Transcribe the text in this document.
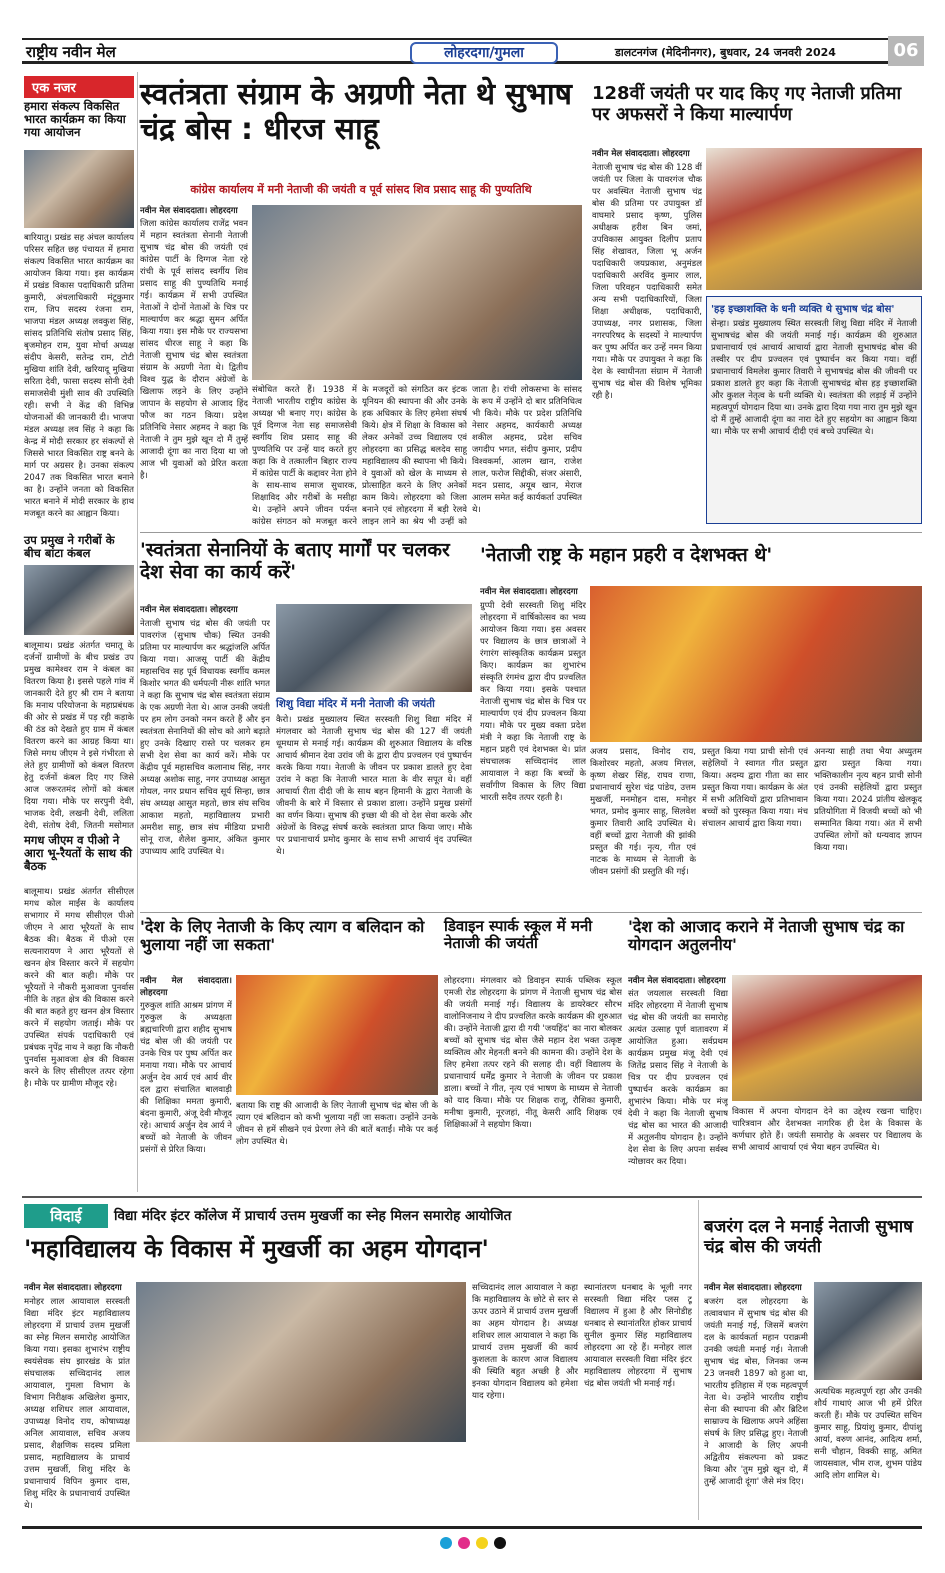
राष्ट्रीय नवीन मेल	लोहरदगा/गुमला	डालटनगंज (मेदिनीनगर), बुधवार, 24 जनवरी 2024	06
एक नजर
हमारा संकल्प विकसित भारत कार्यक्रम का किया गया आयोजन
बारियातु। प्रखंड सह अंचल कार्यालय परिसर सहित छह पंचायत में हमारा संकल्प विकसित भारत कार्यक्रम का आयोजन किया गया। इस कार्यक्रम में प्रखंड विकास पदाधिकारी प्रतिमा कुमारी, अंचलाधिकारी मंटूकुमार राम, जिप सदस्य रंजना राम, भाजपा मंडल अध्यक्ष लवकुश सिंह, सांसद प्रतिनिधि संतोष प्रसाद सिंह, बृजमोहन राम, युवा मोर्चा अध्यक्ष संदीप केसरी, सतेन्द्र राम, टोटी मुखिया शांति देवी, खरियादू मुखिया सरिता देवी, फासा सदस्य सोनी देवी समाजसेवी मुंशी साव की उपस्थिति रही। सभी ने केंद्र की विभिन्न योजनाओं की जानकारी दी। भाजपा मंडल अध्यक्ष लव सिंह ने कहा कि केन्द्र में मोदी सरकार हर संकल्पों से जिससे भारत विकसित राष्ट्र बनने के मार्ग पर अग्रसर है। उनका संकल्प 2047 तक विकसित भारत बनाने का है। उन्होंने जनता को विकसित भारत बनाने में मोदी सरकार के हाथ मजबूत करने का आह्वान किया।
उप प्रमुख ने गरीबों के बीच बांटा कंबल
बालूमाथ। प्रखंड अंतर्गत चमातू के दर्जनों ग्रामीणों के बीच प्रखंड उप प्रमुख कामेश्वर राम ने कंबल का वितरण किया है। इससे पहले गांव में जानकारी देते हुए श्री राम ने बताया कि मनाथ परियोजना के महाप्रबंधक की ओर से प्रखंड में पड़ रही कड़ाके की ठंड को देखते हुए ग्राम में कंबल वितरण करने का आग्रह किया था। जिसे मगध जीएम ने इसे गंभीरता से लेते हुए ग्रामीणों को कंबल वितरण हेतु दर्जनों कंबल दिए गए जिसे आज जरूरतमंद लोगों को कंबल दिया गया। मौके पर सरपुनी देवी, भाजक देवी, लखनी देवी, ललिता देवी, संतोष देवी, जितनी मसोमात
मगध जीएम व पीओ ने आरा भू-रैयतों के साथ की बैठक
बालूमाथ। प्रखंड अंतर्गत सीसीएल मगध कोल माईंस के कार्यालय सभागार में मगध सीसीएल पीओ जीएम ने आरा भूरैयतों के साथ बैठक की। बैठक में पीओ एस सत्यनारायण ने आरा भूरैयतों से खनन क्षेत्र विस्तार करने में सहयोग करने की बात कही। मौके पर भूरैयतों ने नौकरी मुआवजा पुनर्वास नीति के तहत क्षेत्र की विकास करने की बात कहते हुए खनन क्षेत्र विस्तार करने में सहयोग जताई। मौके पर उपस्थित संपर्क पदाधिकारी एवं प्रबंधक नृपेंद्र नाथ ने कहा कि नौकरी पुनर्वास मुआवजा क्षेत्र की विकास करने के लिए सीसीएल तत्पर रहेगा है। मौके पर ग्रामीण मौजूद रहे।
स्वतंत्रता संग्राम के अग्रणी नेता थे सुभाष चंद्र बोस : धीरज साहू
कांग्रेस कार्यालय में मनी नेताजी की जयंती व पूर्व सांसद शिव प्रसाद साहू की पुण्यतिथि
नवीन मेल संवाददाता। लोहरदगा
जिला कांग्रेस कार्यालय राजेंद्र भवन में महान स्वतंत्रता सेनानी नेताजी सुभाष चंद्र बोस की जयंती एवं कांग्रेस पार्टी के दिग्गज नेता रहे रांची के पूर्व सांसद स्वर्गीय शिव प्रसाद साहू की पुण्यतिथि मनाई गई। कार्यक्रम में सभी उपस्थित नेताओं ने दोनों नेताओं के चित्र पर माल्यार्पण कर श्रद्धा सुमन अर्पित किया गया। इस मौके पर राज्यसभा सांसद धीरज साहू ने कहा कि नेताजी सुभाष चंद्र बोस स्वतंत्रता संग्राम के अग्रणी नेता थे। द्वितीय विश्व युद्ध के दौरान अंग्रेजों के खिलाफ लड़ने के लिए उन्होंने जापान के सहयोग से आजाद हिंद फौज का गठन किया। प्रदेश प्रतिनिधि नेसार अहमद ने कहा कि नेताजी ने तुम मुझे खून दो मैं तुम्हें आजादी दूंगा का नारा दिया था जो आज भी युवाओं को प्रेरित करता है।
संबोधित करते हैं। 1938 में नेताजी भारतीय राष्ट्रीय कांग्रेस के अध्यक्ष भी बनाए गए। कांग्रेस के पूर्व दिग्गज नेता सह समाजसेवी स्वर्गीय शिव प्रसाद साहू की पुण्यतिथि पर उन्हें याद करते हुए कहा कि वे तत्कालीन बिहार राज्य में कांग्रेस पार्टी के कद्दावर नेता होने के साथ-साथ समाज सुधारक, शिक्षाविद और गरीबों के मसीहा थे। उन्होंने अपने जीवन पर्यन्त कांग्रेस संगठन को मजबूत करने
के मजदूरों को संगठित कर इंटक यूनियन की स्थापना की और उनके हक अधिकार के लिए हमेशा संघर्ष किये। क्षेत्र में शिक्षा के विकास को लेकर अनेकों उच्च विद्यालय एवं लोहरदगा का प्रसिद्ध बलदेव साहू महाविद्यालय की स्थापना भी किये। वे युवाओं को खेल के माध्यम से प्रोत्साहित करने के लिए अनेकों काम किये। लोहरदगा को जिला बनाने एवं लोहरदगा में बड़ी रेलवे लाइन लाने का श्रेय भी उन्हीं को
जाता है। रांची लोकसभा के सांसद के रूप में उन्होंने दो बार प्रतिनिधित्व भी किये। मौके पर प्रदेश प्रतिनिधि नेसार अहमद, कार्यकारी अध्यक्ष शकील अहमद, प्रदेश सचिव जगदीप भगत, संदीप कुमार, प्रदीप विश्वकर्मा, आलम खान, राजेश लाल, फरोज सिद्दीकी, संजर अंसारी, मदन प्रसाद, अयूब खान, मेराज आलम समेत कई कार्यकर्ता उपस्थित थे।
128वीं जयंती पर याद किए गए नेताजी प्रतिमा पर अफसरों ने किया माल्यार्पण
नवीन मेल संवाददाता। लोहरदगा
नेताजी सुभाष चंद्र बोस की 128 वीं जयंती पर जिला के पावरगंज चौक पर अवस्थित नेताजी सुभाष चंद्र बोस की प्रतिमा पर उपायुक्त डॉ वाघमारे प्रसाद कृष्ण, पुलिस अधीक्षक हरीश बिन जमां, उपविकास आयुक्त दिलीप प्रताप सिंह शेखावत, जिला भू अर्जन पदाधिकारी जयप्रकाश, अनुमंडल पदाधिकारी अरविंद कुमार लाल, जिला परिवहन पदाधिकारी समेत अन्य सभी पदाधिकारियों, जिला शिक्षा अधीक्षक, पदाधिकारी, उपाध्यक्ष, नगर प्रशासक, जिला नगरपरिषद के सदस्यों ने माल्यार्पण कर पुष्प अर्पित कर उन्हें नमन किया गया। मौके पर उपायुक्त ने कहा कि देश के स्वाधीनता संग्राम में नेताजी सुभाष चंद्र बोस की विशेष भूमिका रही है।
'हड़ इच्छाशक्ति के धनी व्यक्ति थे सुभाष चंद्र बोस'
सेन्हा। प्रखंड मुख्यालय स्थित सरस्वती शिशु विद्या मंदिर में नेताजी सुभाषचंद्र बोस की जयंती मनाई गई। कार्यक्रम की शुरुआत प्रधानाचार्य एवं आचार्य आचार्या द्वारा नेताजी सुभाषचंद्र बोस की तस्वीर पर दीप प्रज्वलन एवं पुष्पार्चन कर किया गया। वहीं प्रधानाचार्य विमलेश कुमार तिवारी ने सुभाषचंद्र बोस की जीवनी पर प्रकाश डालते हुए कहा कि नेताजी सुभाषचंद्र बोस हड़ इच्छाशक्ति और कुशल नेतृत्व के धनी व्यक्ति थे। स्वतंत्रता की लड़ाई में उन्होंने महत्वपूर्ण योगदान दिया था। उनके द्वारा दिया गया नारा तुम मुझे खून दो मैं तुम्हें आजादी दूंगा का नारा देते हुए सहयोग का आह्वान किया था। मौके पर सभी आचार्य दीदी एवं बच्चे उपस्थित थे।
'स्वतंत्रता सेनानियों के बताए मार्गों पर चलकर देश सेवा का कार्य करें'
नवीन मेल संवाददाता। लोहरदगा
नेताजी सुभाष चंद्र बोस की जयंती पर पावरगंज (सुभाष चौक) स्थित उनकी प्रतिमा पर माल्यार्पण कर श्रद्धांजलि अर्पित किया गया। आजसू पार्टी की केंद्रीय महासचिव सह पूर्व विधायक स्वर्गीय कमल किशोर भगत की धर्मपत्नी नीरू शांति भगत ने कहा कि सुभाष चंद्र बोस स्वतंत्रता संग्राम के एक अग्रणी नेता थे। आज उनकी जयंती पर हम लोग उनको नमन करते हैं और इन स्वतंत्रता सेनानियों की सोच को आगे बढ़ाते हुए उनके दिखाए रास्ते पर चलकर हम सभी देश सेवा का कार्य करें। मौके पर केंद्रीय पूर्व महासचिव कलानाथ सिंह, नगर अध्यक्ष अशोक साहू, नगर उपाध्यक्ष आसुत गोयल, नगर प्रधान सचिव सूर्य सिन्हा, छात्र संघ अध्यक्ष आसुत महतो, छात्र संघ सचिव आकाश महतो, महाविद्यालय प्रभारी अमरीश साहू, छात्र संघ मीडिया प्रभारी सोनू राज, शैलेश कुमार, अंकित कुमार उपाध्याय आदि उपस्थित थे।
शिशु विद्या मंदिर में मनी नेताजी की जयंती
कैरो। प्रखंड मुख्यालय स्थित सरस्वती शिशु विद्या मंदिर में मंगलवार को नेताजी सुभाष चंद्र बोस की 127 वीं जयंती धूमधाम से मनाई गई। कार्यक्रम की शुरुआत विद्यालय के वरिष्ठ आचार्य श्रीमान देवा उरांव जी के द्वारा दीप प्रज्वलन एवं पुष्पार्चन करके किया गया। नेताजी के जीवन पर प्रकाश डालते हुए देवा उरांव ने कहा कि नेताजी भारत माता के वीर सपूत थे। वहीं आचार्या रीता दीदी जी के साथ बहन हिमानी के द्वारा नेताजी के जीवनी के बारे में विस्तार से प्रकाश डाला। उन्होंने प्रमुख प्रसंगों का वर्णन किया। सुभाष की इच्छा थी की वो देश सेवा करके और अंग्रेजों के विरुद्ध संघर्ष करके स्वतंत्रता प्राप्त किया जाए। मौके पर प्रधानाचार्य प्रमोद कुमार के साथ सभी आचार्य वृंद उपस्थित थे।
'नेताजी राष्ट्र के महान प्रहरी व देशभक्त थे'
नवीन मेल संवाददाता। लोहरदगा
ग्रुप्पी देवी सरस्वती शिशु मंदिर लोहरदगा में वार्षिकोत्सव का भव्य आयोजन किया गया। इस अवसर पर विद्यालय के छात्र छात्राओं ने रंगारंग सांस्कृतिक कार्यक्रम प्रस्तुत किए। कार्यक्रम का शुभारंभ संस्कृति रंगमंच द्वारा दीप प्रज्वलित कर किया गया। इसके पश्चात नेताजी सुभाष चंद्र बोस के चित्र पर माल्यार्पण एवं दीप प्रज्वलन किया गया। मौके पर मुख्य वक्ता प्रदेश मंत्री ने कहा कि नेताजी राष्ट्र के महान प्रहरी एवं देशभक्त थे। प्रांत संघचालक सच्चिदानंद लाल आयावाल ने कहा कि बच्चों के सर्वांगीण विकास के लिए विद्या भारती सदैव तत्पर रहती है।
अजय प्रसाद, विनोद राय, किशोरवर महतो, अजय मित्तल, कृष्ण शेखर सिंह, राघव राणा, प्रधानाचार्य सुरेश चंद्र पांडेय, उत्तम मुखर्जी, मनमोहन दास, मनोहर भगत, प्रमोद कुमार साहू, सिलवेश कुमार तिवारी आदि उपस्थित थे। वहीं बच्चों द्वारा नेताजी की झांकी प्रस्तुत की गई। नृत्य, गीत एवं नाटक के माध्यम से नेताजी के जीवन प्रसंगों की प्रस्तुति की गई।
प्रस्तुत किया गया प्राची सोनी एवं सहेलियों ने स्वागत गीत प्रस्तुत किया। अदम्य द्वारा गीता का सार प्रस्तुत किया गया। कार्यक्रम के अंत में सभी अतिथियों द्वारा प्रतिभावान बच्चों को पुरस्कृत किया गया। मंच संचालन आचार्य द्वारा किया गया।
अनन्या साही तथा भैया अध्युतम द्वारा प्रस्तुत किया गया। भक्तिकालीन नृत्य बहन प्राची सोनी एवं उनकी सहेलियों द्वारा प्रस्तुत किया गया। 2024 प्रांतीय खेलकूद प्रतियोगिता में विजयी बच्चों को भी सम्मानित किया गया। अंत में सभी उपस्थित लोगों को धन्यवाद ज्ञापन किया गया।
'देश के लिए नेताजी के किए त्याग व बलिदान को भुलाया नहीं जा सकता'
नवीन मेल संवाददाता। लोहरदगा
गुरुकुल शांति आश्रम प्रांगण में गुरुकुल के अध्यक्षता ब्रह्मचारिणी द्वारा शहीद सुभाष चंद्र बोस जी की जयंती पर उनके चित्र पर पुष्प अर्पित कर मनाया गया। मौके पर आचार्य अर्जुन देव आर्य एवं आर्य वीर दल द्वारा संचालित बालवाड़ी की शिक्षिका ममता कुमारी, बंदना कुमारी, अंजू देवी मौजूद रहे। आचार्य अर्जुन देव आर्य ने बच्चों को नेताजी के जीवन प्रसंगों से प्रेरित किया।
बताया कि राष्ट्र की आजादी के लिए नेताजी सुभाष चंद्र बोस जी के त्याग एवं बलिदान को कभी भुलाया नहीं जा सकता। उन्होंने उनके जीवन से हमें सीखने एवं प्रेरणा लेने की बातें बताईं। मौके पर कई लोग उपस्थित थे।
डिवाइन स्पार्क स्कूल में मनी नेताजी की जयंती
लोहरदगा। मंगलवार को डिवाइन स्पार्क पब्लिक स्कूल एमजी रोड लोहरदगा के प्रांगण में नेताजी सुभाष चंद्र बोस की जयंती मनाई गई। विद्यालय के डायरेक्टर सौरभ वालोनिजनाथ ने दीप प्रज्वलित करके कार्यक्रम की शुरुआत की। उन्होंने नेताजी द्वारा दी गयी 'जयहिंद' का नारा बोलकर बच्चों को सुभाष चंद्र बोस जैसे महान देश भक्त उत्कृष्ट व्यक्तित्व और मेहनती बनने की कामना की। उन्होंने देश के लिए हमेशा तत्पर रहने की सलाह दी। वहीं विद्यालय के प्रधानाचार्य धर्मेंद्र कुमार ने नेताजी के जीवन पर प्रकाश डाला। बच्चों ने गीत, नृत्य एवं भाषण के माध्यम से नेताजी को याद किया। मौके पर शिक्षक राजू, रौशिका कुमारी, मनीषा कुमारी, नूरजहां, नीतू केसरी आदि शिक्षक एवं शिक्षिकाओं ने सहयोग किया।
'देश को आजाद कराने में नेताजी सुभाष चंद्र का योगदान अतुलनीय'
नवीन मेल संवाददाता। लोहरदगा
संत जयलाल सरस्वती विद्या मंदिर लोहरदगा में नेताजी सुभाष चंद्र बोस की जयंती का समारोह अत्यंत उत्साह पूर्ण वातावरण में आयोजित हुआ। सर्वप्रथम कार्यक्रम प्रमुख मंजू देवी एवं जितेंद्र प्रसाद सिंह ने नेताजी के चित्र पर दीप प्रज्वलन एवं पुष्पार्चन करके कार्यक्रम का शुभारंभ किया। मौके पर मंजू देवी ने कहा कि नेताजी सुभाष चंद्र बोस का भारत की आजादी में अतुलनीय योगदान है। उन्होंने देश सेवा के लिए अपना सर्वस्व न्योछावर कर दिया।
विकास में अपना योगदान देने का उद्देश्य रखना चाहिए। चारित्रवान और देशभक्त नागरिक ही देश के विकास के कर्णधार होते हैं। जयंती समारोह के अवसर पर विद्यालय के सभी आचार्य आचार्या एवं भैया बहन उपस्थित थे।
विदाई	विद्या मंदिर इंटर कॉलेज में प्राचार्य उत्तम मुखर्जी का स्नेह मिलन समारोह आयोजित
'महाविद्यालय के विकास में मुखर्जी का अहम योगदान'
नवीन मेल संवाददाता। लोहरदगा
मनोहर लाल आयावाल सरस्वती विद्या मंदिर इंटर महाविद्यालय लोहरदगा में प्राचार्य उत्तम मुखर्जी का स्नेह मिलन समारोह आयोजित किया गया। इसका शुभारंभ राष्ट्रीय स्वयंसेवक संघ झारखंड के प्रांत संघचालक सच्चिदानंद लाल आयावाल, गुमला विभाग के विभाग निरीक्षक अखिलेश कुमार, अध्यक्ष शशिधर लाल आयावाल, उपाध्यक्ष विनोद राय, कोषाध्यक्ष अनिल आयावाल, सचिव अजय प्रसाद, शैक्षणिक सदस्य प्रमिला प्रसाद, महाविद्यालय के प्राचार्य उत्तम मुखर्जी, शिशु मंदिर के प्रधानाचार्य विपिन कुमार दास, शिशु मंदिर के प्रधानाचार्य उपस्थित थे।
सच्चिदानंद लाल आयावाल ने कहा कि महाविद्यालय के छोटे से स्तर से ऊपर उठाने में प्राचार्य उत्तम मुखर्जी का अहम योगदान है। अध्यक्ष शशिधर लाल आयावाल ने कहा कि प्राचार्य उत्तम मुखर्जी की कार्य कुशलता के कारण आज विद्यालय की स्थिति बहुत अच्छी है और इनका योगदान विद्यालय को हमेशा याद रहेगा।
स्थानांतरण धनबाद के भूली नगर सरस्वती विद्या मंदिर प्लस टू विद्यालय में हुआ है और सिनोडीह धनबाद से स्थानांतरित होकर प्राचार्य सुनील कुमार सिंह महाविद्यालय लोहरदगा आ रहे हैं। मनोहर लाल आयावाल सरस्वती विद्या मंदिर इंटर महाविद्यालय लोहरदगा में सुभाष चंद्र बोस जयंती भी मनाई गई।
बजरंग दल ने मनाई नेताजी सुभाष चंद्र बोस की जयंती
नवीन मेल संवाददाता। लोहरदगा
बजरंग दल लोहरदगा के तत्वावधान में सुभाष चंद्र बोस की जयंती मनाई गई, जिसमें बजरंग दल के कार्यकर्ता महान पराक्रमी उनकी जयंती मनाई गई। नेताजी सुभाष चंद्र बोस, जिनका जन्म 23 जनवरी 1897 को हुआ था, भारतीय इतिहास में एक महत्वपूर्ण नेता थे। उन्होंने भारतीय राष्ट्रीय सेना की स्थापना की और ब्रिटिश साम्राज्य के खिलाफ अपने अहिंसा संघर्ष के लिए प्रसिद्ध हुए। नेताजी ने आजादी के लिए अपनी अद्वितीय संकल्पना को प्रकट किया और 'तुम मुझे खून दो, मैं तुम्हें आजादी दूंगा' जैसे मंत्र दिए।
अत्यधिक महत्वपूर्ण रहा और उनकी शौर्य गाथाएं आज भी हमें प्रेरित करती हैं। मौके पर उपस्थित सचिन कुमार साहू, प्रियांशु कुमार, दीपांशु आर्या, वरुण आनंद, आदित्य शर्मा, सनी चौहान, विक्की साहू, अमित जायसवाल, भीम राज, शुभम पांडेय आदि लोग शामिल थे।
